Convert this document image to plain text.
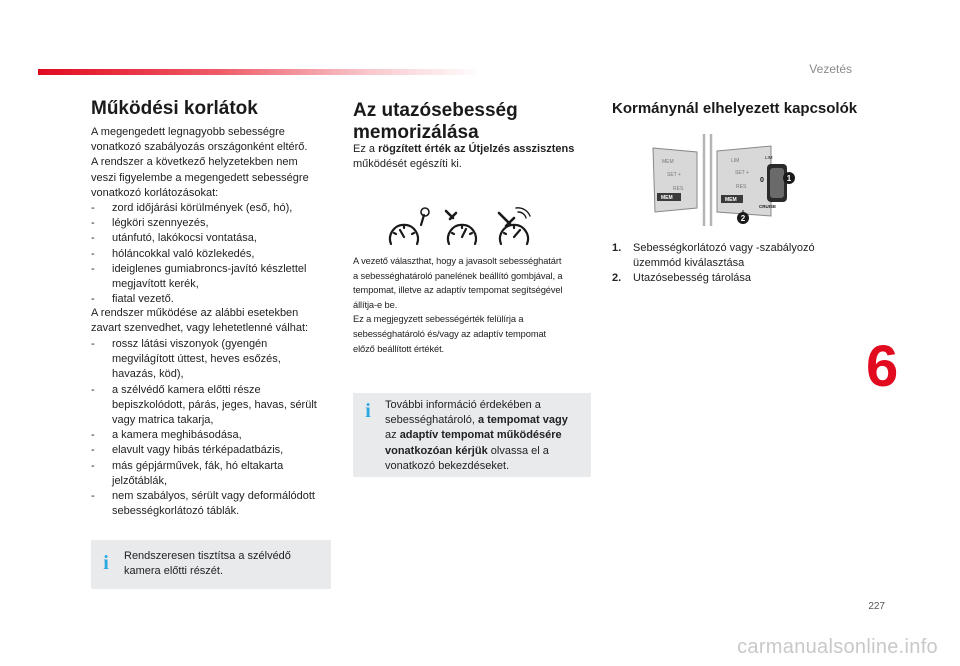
Vezetés
Működési korlátok
A megengedett legnagyobb sebességre
vonatkozó szabályozás országonként eltérő.
A rendszer a következő helyzetekben nem
veszi figyelembe a megengedett sebességre
vonatkozó korlátozásokat:
- zord időjárási körülmények (eső, hó),
- légköri szennyezés,
- utánfutó, lakókocsi vontatása,
- hóláncokkal való közlekedés,
- ideiglenes gumiabroncs-javító készlettel
megjavított kerék,
- fiatal vezető.
A rendszer működése az alábbi esetekben
zavart szenvedhet, vagy lehetetlenné válhat:
- rossz látási viszonyok (gyengén
megvilágított úttest, heves esőzés,
havazás, köd),
- a szélvédő kamera előtti része
bepiszkolódott, párás, jeges, havas, sérült
vagy matrica takarja,
- a kamera meghibásodása,
- elavult vagy hibás térképadatbázis,
- más gépjárművek, fák, hó eltakarta
jelzőtáblák,
- nem szabályos, sérült vagy deformálódott
sebességkorlátozó táblák.
i Rendszeresen tisztítsa a szélvédő
kamera előtti részét.
Az utazósebesség
memorizálása
Ez a rögzített érték az Útjelzés asszisztens
működését egészíti ki.
A vezető választhat, hogy a javasolt sebességhatárt
a sebességhatároló panelének beállító gombjával, a
tempomat, illetve az adaptív tempomat segítségével
állítja-e be.
Ez a megjegyzett sebességérték felülírja a
sebességhatároló és/vagy az adaptív tempomat
előző beállított értékét.
i További információ érdekében a
sebességhatároló, a tempomat vagy
az adaptív tempomat működésére
vonatkozóan kérjük olvassa el a
vonatkozó bekezdéseket.
Kormánynál elhelyezett kapcsolók
MEM
SET +
RES
MEM
LIM
SET +
RES
MEM
0
LIM
CRUISE
1
2
1. Sebességkorlátozó vagy -szabályozó
üzemmód kiválasztása
2. Utazósebesség tárolása
6
227
carmanualsonline.info
